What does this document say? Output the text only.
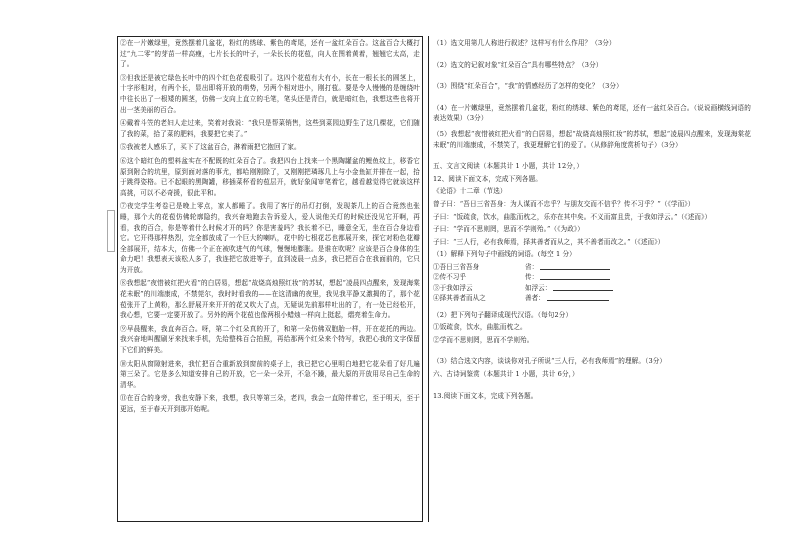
②在一片嫩绿里，竟然摆着几盆花，粉红的绣球、紫色的鸢尾，还有一盆红朵百合。这盆百合大概打过“九二零”的芽苗一样高瘦，七片长长的叶子，一朵长长的花苞，向人在图着黄着，翘翘它太高，走了。

③但我还是被它绿色长叶中的四个红色花苞吸引了。这四个花苞有大有小，长在一根长长的圆茎上，十字形相对，有两个长，显出即将开放的萌势，另两个相对进小，刚打苞。要是令人慢慢的是缠绕叶中往长出了一根矮的圆茎，仿佛一支向上直立的毛笔，笔头还是青白，就是暗红色，我想这些也将开出一茎美丽的百合。

④戴着斗笠的老妇人走过来，笑着对我说：“我只是帮菜销售，这些到菜园边野生了这几棵花，它们随了我的菜，拾了菜的肥料，我要把它卖了。”

⑤我被老人感乐了，买下了这盆百合，淋着雨把它抱回了家。

⑥这个暗红色的塑料盆实在不配既的红朵百合了。我把四台上找来一个黑陶罐盆的鲤鱼纹上，移香它原到附合的坑里，原到面对落的事尤，都哈刚刚除了，又刚刚把璘琢几上与小金鱼缸并排在一起，拾于跳得姿格。已不起眼的黑陶罐，移插菜杯看的苞层开，就好象闻审笔着它，越看越觉得它就该这样高挑，可以不必奇援，很此平和。

⑦夜完学生考卷已是晚上零点，家人都睡了。我用了客厅的吊灯打倒，发现茶几上的百合竟然也张睡，那个大的花苞仿佛轮廓隐约，我兴奋地跑去告诉爱人，爱人说他关灯的时候还没见它开啊，再看，我的百合，你是等着什么时候才开的吗？你是害羞吗？我长着不已，睡意全无，坐在百合身边看它。它开得那样热烈，完全都放成了一个巨大的喇叭，花中的七根花芯也都展开来，探它对粉色花瓣全部展开，结本大，仿佛一个正在被吹进气的气球，慢慢地膨胀。是谁在吹呢？应该是百合身体的生命力吧！我想表天该松人多了，我连把它放进等子，直到凌晨一点多，我已把百合在我面前的，它只为开放。

⑧我想起“夜惜被红把火看”的白居易，想起“故烧高烛照红妆”的苏轼，想起“凌晨四点醒来，发现海棠花未眠”的川端康成，不禁莞尔，我时时看我的——在这清幽的夜里，我见我平静又激揭的了，那个花苞张开了上黄粉，那么舒展开来开开的花又吹大了点，无疑说先前那样吐出的了，有一处已经松开，我心想，它要一定要开放了。另外的两个花苞也像两根小蜡烛一样向上挺起，熠亮着生命力。

⑨早晨醒来，我直奔百合。呀，第二个红朵真的开了，和第一朵仿佛双胞胎一样，开在花托的两边。我兴奋地叫醒刷牙来找来手机，先给整株百合拍照，再给那两个红朵来个特写，我把心我的文字保留下它们的鲜美。

⑩太阳从窗隙射进来，我忙把百合重新放到窗前的桌子上，我已把它心里明白地把它花朵看了好几遍第三朵了。它是多么知道安排自己的开放，它一朵一朵开，不急不躁，最大原的开放用尽自己生命的清华。

⑪在百合的身旁，我也安静下来，我想，我只等第三朵，老四，我会一直陪伴着它，至于明天，至于更远，至于春天开到那开始呢。

（1）选文用第几人称进行叙述？这样写有什么作用？（3分）

（2）选文的记叙对象“红朵百合”具有哪些特点？（3分）

（3）围绕“红朵百合”，“我”的情感经历了怎样的变化？（3分）

（4）在一片嫩绿里，竟然摆着几盆花，粉红的绣球、紫色的鸢尾，还有一盆红朵百合。（说说画横线词语的表达效果）（3分）

（5）我想起“夜惜被红把火看”的白居易，想起“故烧高烛照红妆”的苏轼，想起“凌晨四点醒来，发现海棠花未眠”的川端康成，不禁笑了，我更理解它们的爱了。（从修辞角度赏析句子）（3分）

五、文言文阅读（本题共计 1 小题，共计 12分，）

12、阅读下面文本，完成下列各题。

《论语》十二章（节选）

曾子曰：“吾日三省吾身：为人谋而不忠乎？与朋友交而不信乎？传不习乎？”（《学而》）

子曰：“饭疏食，饮水，曲肱而枕之，乐亦在其中矣。不义而富且贵，于我如浮云。”（《述而》）

子曰：“学而不思则罔，思而不学则殆。”（《为政》）

子曰：“三人行，必有我师焉，择其善者而从之，其不善者而改之。”（《述而》）

（1）解释下列句子中画线的词语。(每空 1 分）

①吾日三省吾身	省：
②传不习乎	传：
③于我如浮云	如浮云：
④择其善者而从之	善者：

（2）把下列句子翻译成现代汉语。（每句2分）

①饭疏食，饮水，曲肱而枕之。

②学而不思则罔，思而不学则殆。

（3）结合选文内容，谈谈你对孔子所说“三人行，必有我师焉”的理解。（3分）

六、古诗词鉴赏（本题共计 1 小题，共计 6分，）

13.阅读下面文本，完成下列各题。
